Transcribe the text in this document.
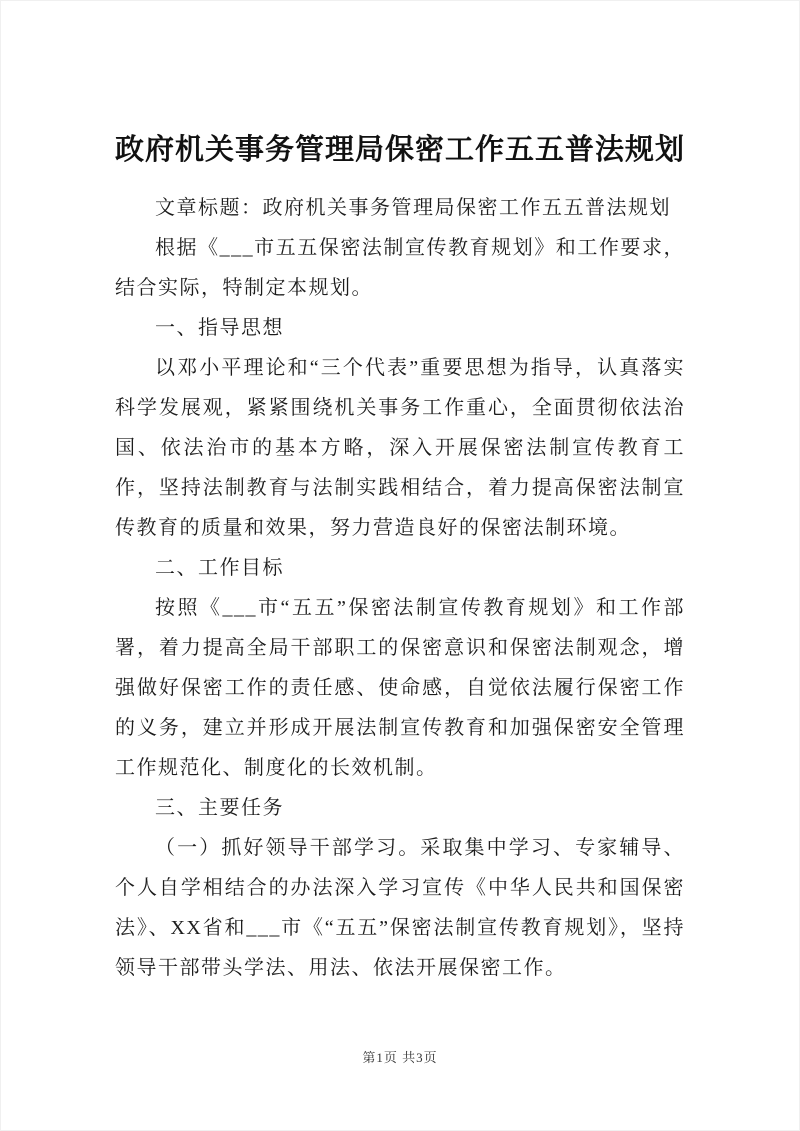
政府机关事务管理局保密工作五五普法规划

文章标题：政府机关事务管理局保密工作五五普法规划

根据《___市五五保密法制宣传教育规划》和工作要求，结合实际，特制定本规划。

一、指导思想

以邓小平理论和“三个代表”重要思想为指导，认真落实科学发展观，紧紧围绕机关事务工作重心，全面贯彻依法治国、依法治市的基本方略，深入开展保密法制宣传教育工作，坚持法制教育与法制实践相结合，着力提高保密法制宣传教育的质量和效果，努力营造良好的保密法制环境。

二、工作目标

按照《___市“五五”保密法制宣传教育规划》和工作部署，着力提高全局干部职工的保密意识和保密法制观念，增强做好保密工作的责任感、使命感，自觉依法履行保密工作的义务，建立并形成开展法制宣传教育和加强保密安全管理工作规范化、制度化的长效机制。

三、主要任务

（一）抓好领导干部学习。采取集中学习、专家辅导、个人自学相结合的办法深入学习宣传《中华人民共和国保密法》、XX省和___市《“五五”保密法制宣传教育规划》，坚持领导干部带头学法、用法、依法开展保密工作。

第1页 共3页
